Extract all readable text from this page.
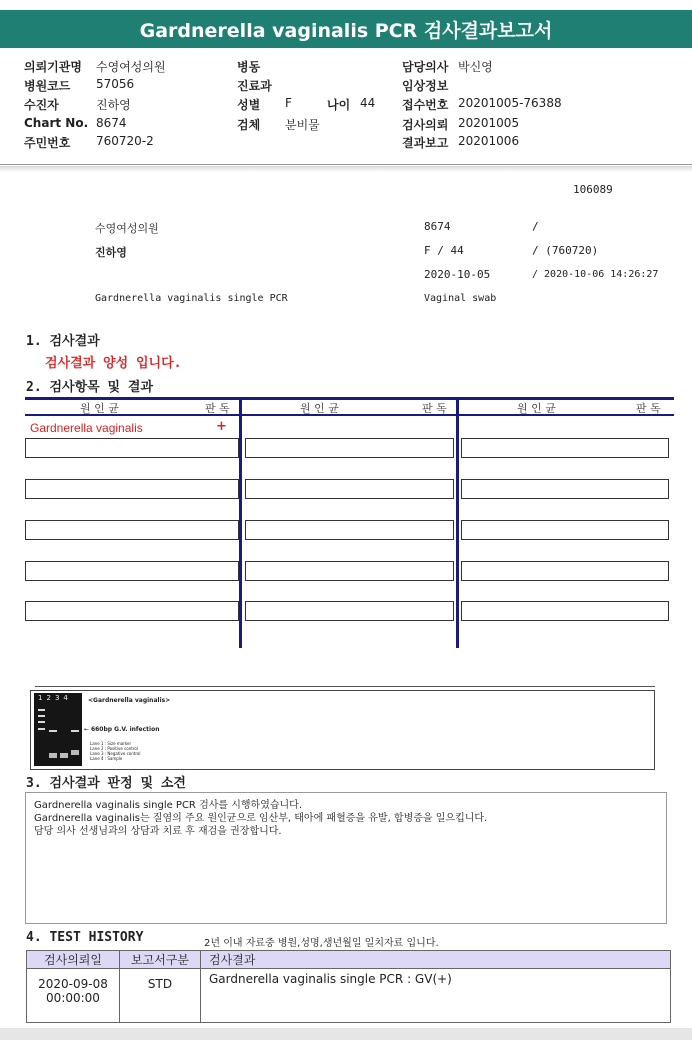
Gardnerella vaginalis PCR 검사결과보고서
의뢰기관명 수영여성의원
병원코드 57056
수진자	진하영
Chart No. 8674
주민번호 760720-2
병동
진료과
성별 F	나이 44
검체 분비물
담당의사 박신영
임상정보
접수번호 20201005-76388
검사의뢰 20201005
결과보고 20201006
106089
수영여성의원	8674	/
진하영	F / 44	/ (760720)
2020-10-05	/ 2020-10-06 14:26:27
Gardnerella vaginalis single PCR	Vaginal swab
1. 검사결과
검사결과 양성 입니다.
2. 검사항목 및 결과
원 인 균	판 독	원 인 균	판 독	원 인 균	판 독
Gardnerella vaginalis	+
1234	<Gardnerella vaginalis>
← 660bp G.V. infection
Lane 1 : Size marker
Lane 2 : Positive control
Lane 3 : Negative control
Lane 4 : Sample
3. 검사결과 판정 및 소견
Gardnerella vaginalis single PCR 검사를 시행하였습니다.
Gardnerella vaginalis는 질염의 주요 원인균으로 임산부, 태아에 패혈증을 유발, 합병증을 일으킵니다.
담당 의사 선생님과의 상담과 치료 후 재검을 권장합니다.
4. TEST HISTORY	2년 이내 자료중 병원,성명,생년월일 일치자료 입니다.
검사의뢰일	보고서구분	검사결과

2020-09-08
00:00:00	STD	Gardnerella vaginalis single PCR : GV(+)
